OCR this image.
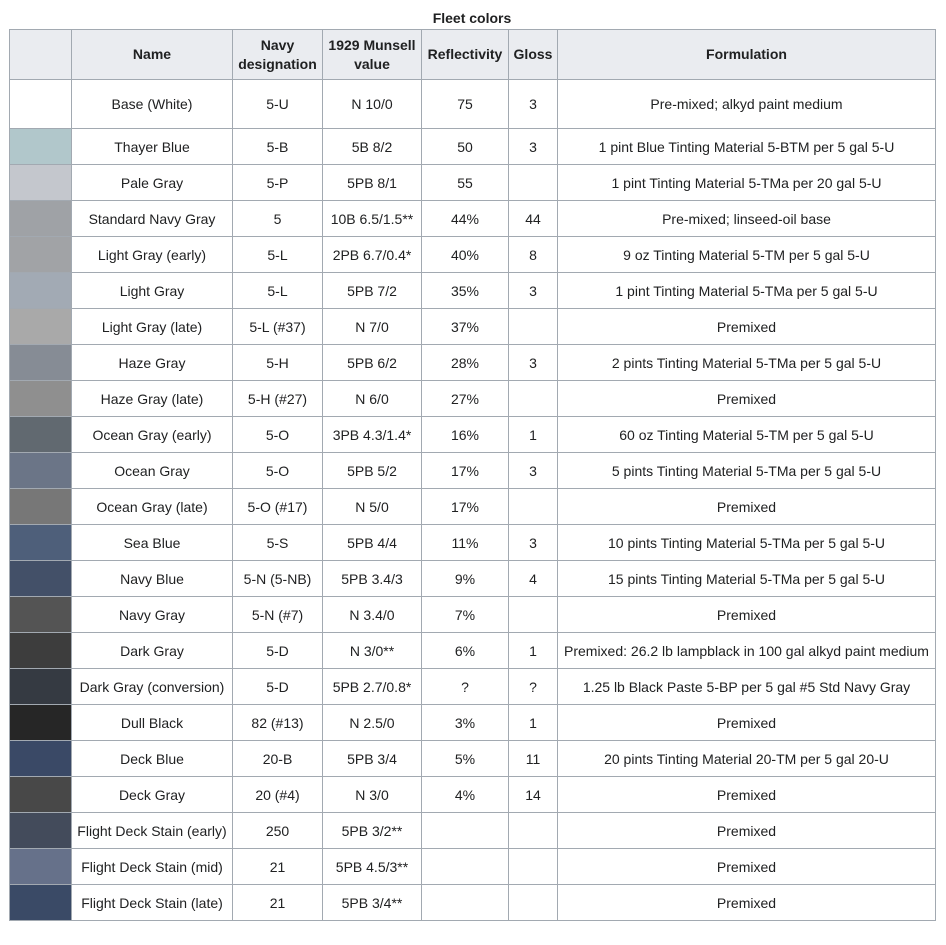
Fleet colors
	Name	Navy designation	1929 Munsell value	Reflectivity	Gloss	Formulation
	Base (White)	5-U	N 10/0	75	3	Pre-mixed; alkyd paint medium
	Thayer Blue	5-B	5B 8/2	50	3	1 pint Blue Tinting Material 5-BTM per 5 gal 5-U
	Pale Gray	5-P	5PB 8/1	55		1 pint Tinting Material 5-TMa per 20 gal 5-U
	Standard Navy Gray	5	10B 6.5/1.5**	44%	44	Pre-mixed; linseed-oil base
	Light Gray (early)	5-L	2PB 6.7/0.4*	40%	8	9 oz Tinting Material 5-TM per 5 gal 5-U
	Light Gray	5-L	5PB 7/2	35%	3	1 pint Tinting Material 5-TMa per 5 gal 5-U
	Light Gray (late)	5-L (#37)	N 7/0	37%		Premixed
	Haze Gray	5-H	5PB 6/2	28%	3	2 pints Tinting Material 5-TMa per 5 gal 5-U
	Haze Gray (late)	5-H (#27)	N 6/0	27%		Premixed
	Ocean Gray (early)	5-O	3PB 4.3/1.4*	16%	1	60 oz Tinting Material 5-TM per 5 gal 5-U
	Ocean Gray	5-O	5PB 5/2	17%	3	5 pints Tinting Material 5-TMa per 5 gal 5-U
	Ocean Gray (late)	5-O (#17)	N 5/0	17%		Premixed
	Sea Blue	5-S	5PB 4/4	11%	3	10 pints Tinting Material 5-TMa per 5 gal 5-U
	Navy Blue	5-N (5-NB)	5PB 3.4/3	9%	4	15 pints Tinting Material 5-TMa per 5 gal 5-U
	Navy Gray	5-N (#7)	N 3.4/0	7%		Premixed
	Dark Gray	5-D	N 3/0**	6%	1	Premixed: 26.2 lb lampblack in 100 gal alkyd paint medium
	Dark Gray (conversion)	5-D	5PB 2.7/0.8*	?	?	1.25 lb Black Paste 5-BP per 5 gal #5 Std Navy Gray
	Dull Black	82 (#13)	N 2.5/0	3%	1	Premixed
	Deck Blue	20-B	5PB 3/4	5%	11	20 pints Tinting Material 20-TM per 5 gal 20-U
	Deck Gray	20 (#4)	N 3/0	4%	14	Premixed
	Flight Deck Stain (early)	250	5PB 3/2**			Premixed
	Flight Deck Stain (mid)	21	5PB 4.5/3**			Premixed
	Flight Deck Stain (late)	21	5PB 3/4**			Premixed
